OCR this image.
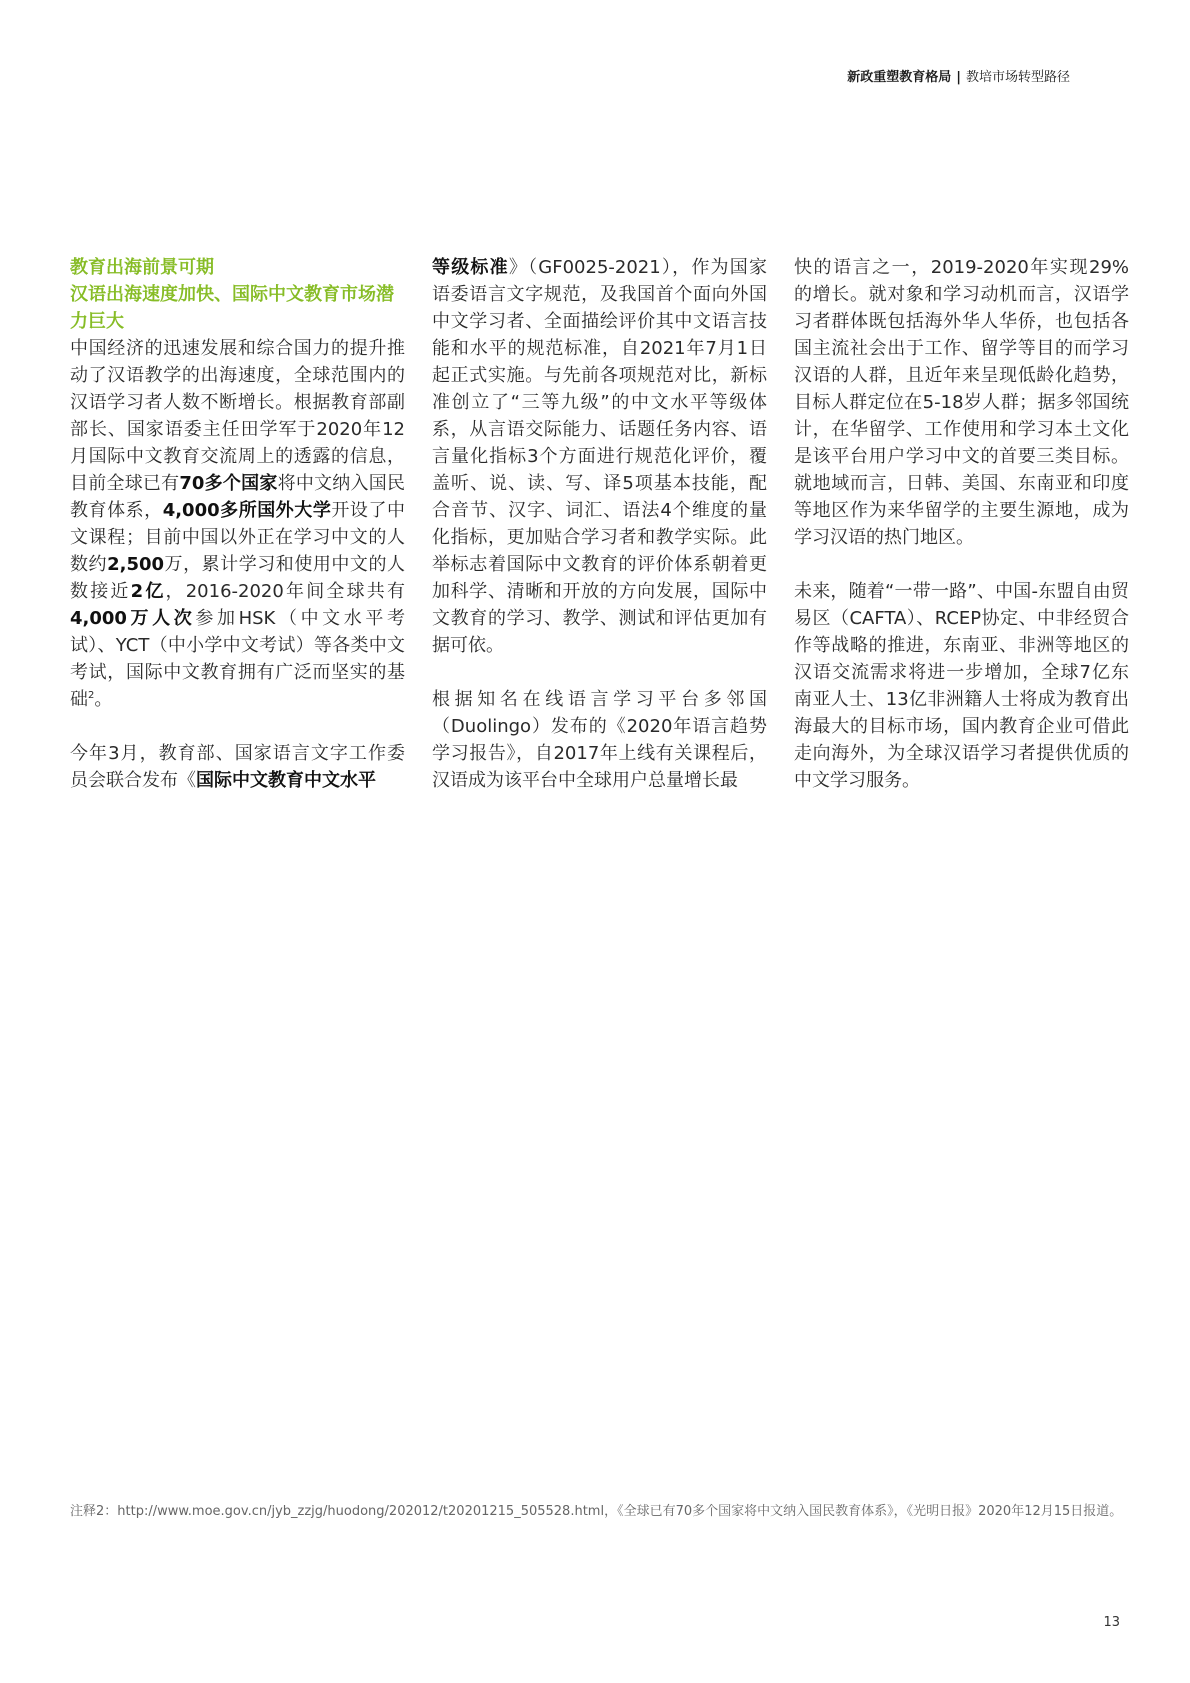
新政重塑教育格局 | 教培市场转型路径
教育出海前景可期
汉语出海速度加快、国际中文教育市场潜力巨大

中国经济的迅速发展和综合国力的提升推动了汉语教学的出海速度，全球范围内的汉语学习者人数不断增长。根据教育部副部长、国家语委主任田学军于2020年12月国际中文教育交流周上的透露的信息，目前全球已有70多个国家将中文纳入国民教育体系，4,000多所国外大学开设了中文课程；目前中国以外正在学习中文的人数约2,500万，累计学习和使用中文的人数接近2亿，2016-2020年间全球共有4,000万人次参加HSK（中文水平考试）、YCT（中小学中文考试）等各类中文考试，国际中文教育拥有广泛而坚实的基础$^2$。

今年3月，教育部、国家语言文字工作委员会联合发布《国际中文教育中文水平

等级标准》（GF0025-2021），作为国家语委语言文字规范，及我国首个面向外国中文学习者、全面描绘评价其中文语言技能和水平的规范标准，自2021年7月1日起正式实施。与先前各项规范对比，新标准创立了“三等九级”的中文水平等级体系，从言语交际能力、话题任务内容、语言量化指标3个方面进行规范化评价，覆盖听、说、读、写、译5项基本技能，配合音节、汉字、词汇、语法4个维度的量化指标，更加贴合学习者和教学实际。此举标志着国际中文教育的评价体系朝着更加科学、清晰和开放的方向发展，国际中文教育的学习、教学、测试和评估更加有据可依。

根据知名在线语言学习平台多邻国（Duolingo）发布的《2020年语言趋势学习报告》，自2017年上线有关课程后，汉语成为该平台中全球用户总量增长最

快的语言之一，2019-2020年实现29%的增长。就对象和学习动机而言，汉语学习者群体既包括海外华人华侨，也包括各国主流社会出于工作、留学等目的而学习汉语的人群，且近年来呈现低龄化趋势，目标人群定位在5-18岁人群；据多邻国统计，在华留学、工作使用和学习本土文化是该平台用户学习中文的首要三类目标。就地域而言，日韩、美国、东南亚和印度等地区作为来华留学的主要生源地，成为学习汉语的热门地区。

未来，随着“一带一路”、中国-东盟自由贸易区（CAFTA）、RCEP协定、中非经贸合作等战略的推进，东南亚、非洲等地区的汉语交流需求将进一步增加，全球7亿东南亚人士、13亿非洲籍人士将成为教育出海最大的目标市场，国内教育企业可借此走向海外，为全球汉语学习者提供优质的中文学习服务。

注释2：http://www.moe.gov.cn/jyb_zzjg/huodong/202012/t20201215_505528.html，《全球已有70多个国家将中文纳入国民教育体系》，《光明日报》2020年12月15日报道。
13
